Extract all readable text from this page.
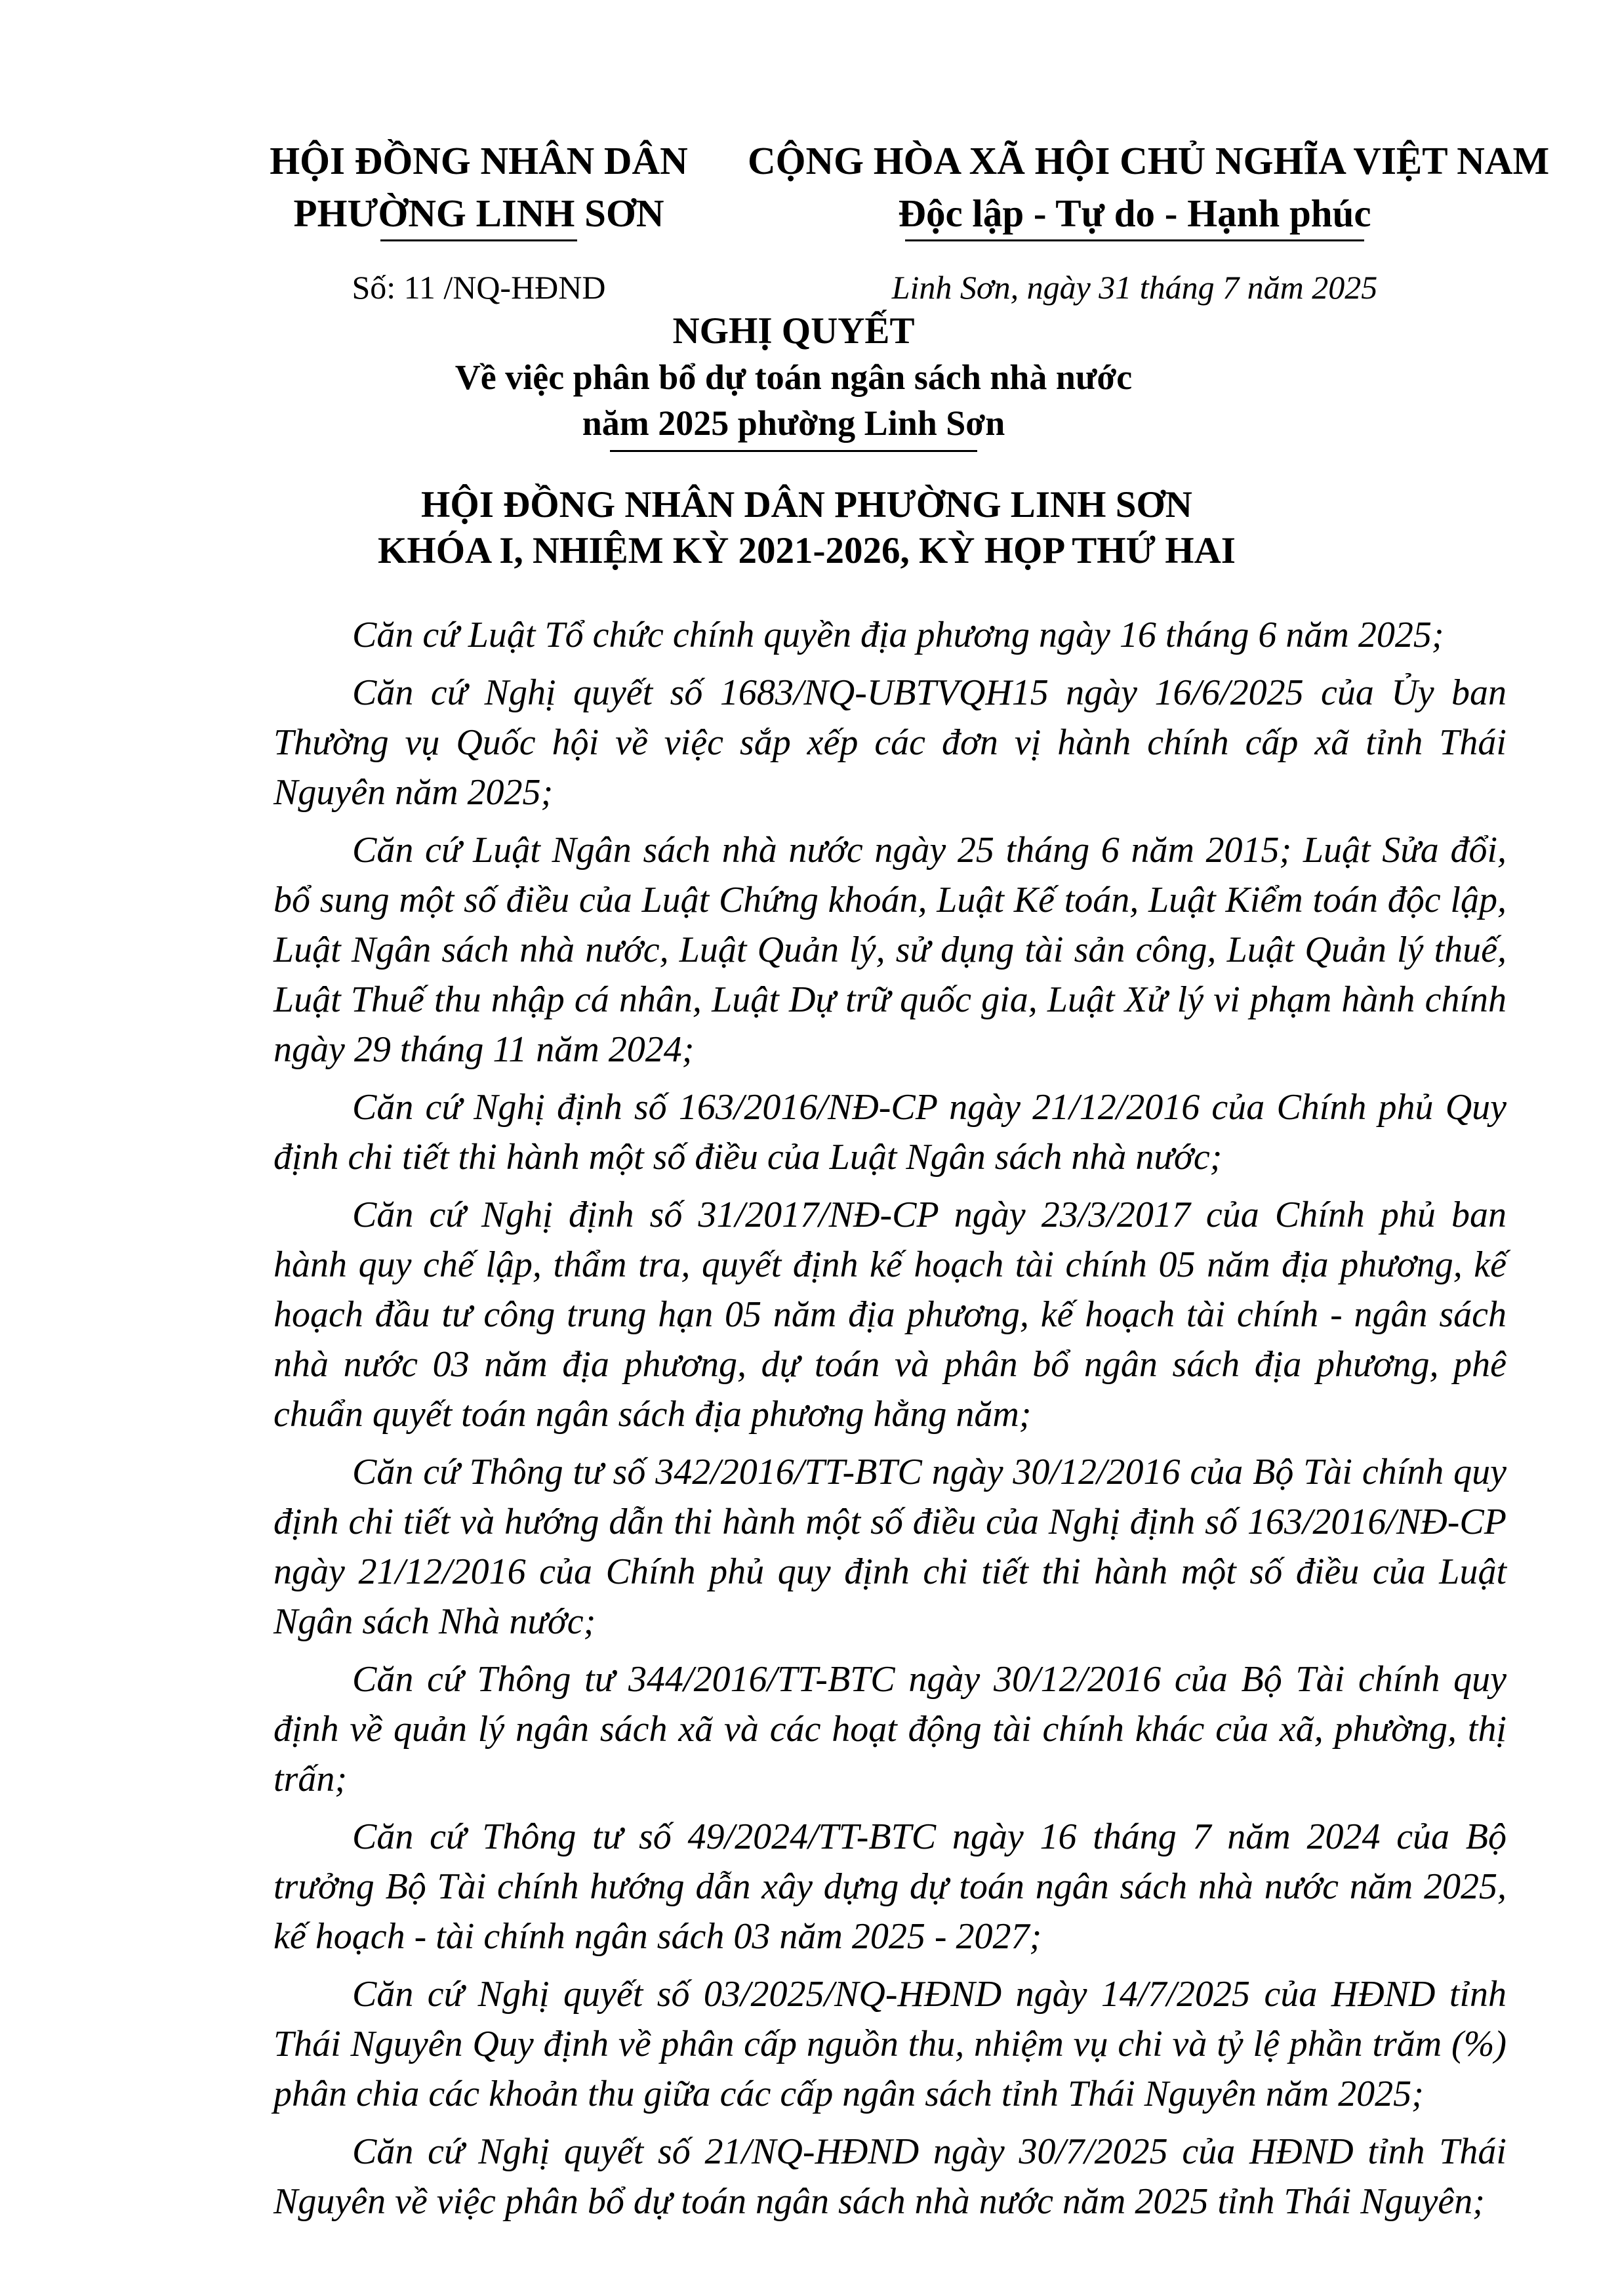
HỘI ĐỒNG NHÂN DÂN
PHƯỜNG LINH SƠN
Số: 11 /NQ-HĐND
CỘNG HÒA XÃ HỘI CHỦ NGHĨA VIỆT NAM
Độc lập - Tự do - Hạnh phúc
Linh Sơn, ngày 31 tháng 7 năm 2025
NGHỊ QUYẾT
Về việc phân bổ dự toán ngân sách nhà nước
năm 2025 phường Linh Sơn
HỘI ĐỒNG NHÂN DÂN PHƯỜNG LINH SƠN
KHÓA I, NHIỆM KỲ 2021-2026, KỲ HỌP THỨ HAI

Căn cứ Luật Tổ chức chính quyền địa phương ngày 16 tháng 6 năm 2025;

Căn cứ Nghị quyết số 1683/NQ-UBTVQH15 ngày 16/6/2025 của Ủy ban Thường vụ Quốc hội về việc sắp xếp các đơn vị hành chính cấp xã tỉnh Thái Nguyên năm 2025;

Căn cứ Luật Ngân sách nhà nước ngày 25 tháng 6 năm 2015; Luật Sửa đổi, bổ sung một số điều của Luật Chứng khoán, Luật Kế toán, Luật Kiểm toán độc lập, Luật Ngân sách nhà nước, Luật Quản lý, sử dụng tài sản công, Luật Quản lý thuế, Luật Thuế thu nhập cá nhân, Luật Dự trữ quốc gia, Luật Xử lý vi phạm hành chính ngày 29 tháng 11 năm 2024;

Căn cứ Nghị định số 163/2016/NĐ-CP ngày 21/12/2016 của Chính phủ Quy định chi tiết thi hành một số điều của Luật Ngân sách nhà nước;

Căn cứ Nghị định số 31/2017/NĐ-CP ngày 23/3/2017 của Chính phủ ban hành quy chế lập, thẩm tra, quyết định kế hoạch tài chính 05 năm địa phương, kế hoạch đầu tư công trung hạn 05 năm địa phương, kế hoạch tài chính - ngân sách nhà nước 03 năm địa phương, dự toán và phân bổ ngân sách địa phương, phê chuẩn quyết toán ngân sách địa phương hằng năm;

Căn cứ Thông tư số 342/2016/TT-BTC ngày 30/12/2016 của Bộ Tài chính quy định chi tiết và hướng dẫn thi hành một số điều của Nghị định số 163/2016/NĐ-CP ngày 21/12/2016 của Chính phủ quy định chi tiết thi hành một số điều của Luật Ngân sách Nhà nước;

Căn cứ Thông tư 344/2016/TT-BTC ngày 30/12/2016 của Bộ Tài chính quy định về quản lý ngân sách xã và các hoạt động tài chính khác của xã, phường, thị trấn;

Căn cứ Thông tư số 49/2024/TT-BTC ngày 16 tháng 7 năm 2024 của Bộ trưởng Bộ Tài chính hướng dẫn xây dựng dự toán ngân sách nhà nước năm 2025, kế hoạch - tài chính ngân sách 03 năm 2025 - 2027;

Căn cứ Nghị quyết số 03/2025/NQ-HĐND ngày 14/7/2025 của HĐND tỉnh Thái Nguyên Quy định về phân cấp nguồn thu, nhiệm vụ chi và tỷ lệ phần trăm (%) phân chia các khoản thu giữa các cấp ngân sách tỉnh Thái Nguyên năm 2025;

Căn cứ Nghị quyết số 21/NQ-HĐND ngày 30/7/2025 của HĐND tỉnh Thái Nguyên về việc phân bổ dự toán ngân sách nhà nước năm 2025 tỉnh Thái Nguyên;
